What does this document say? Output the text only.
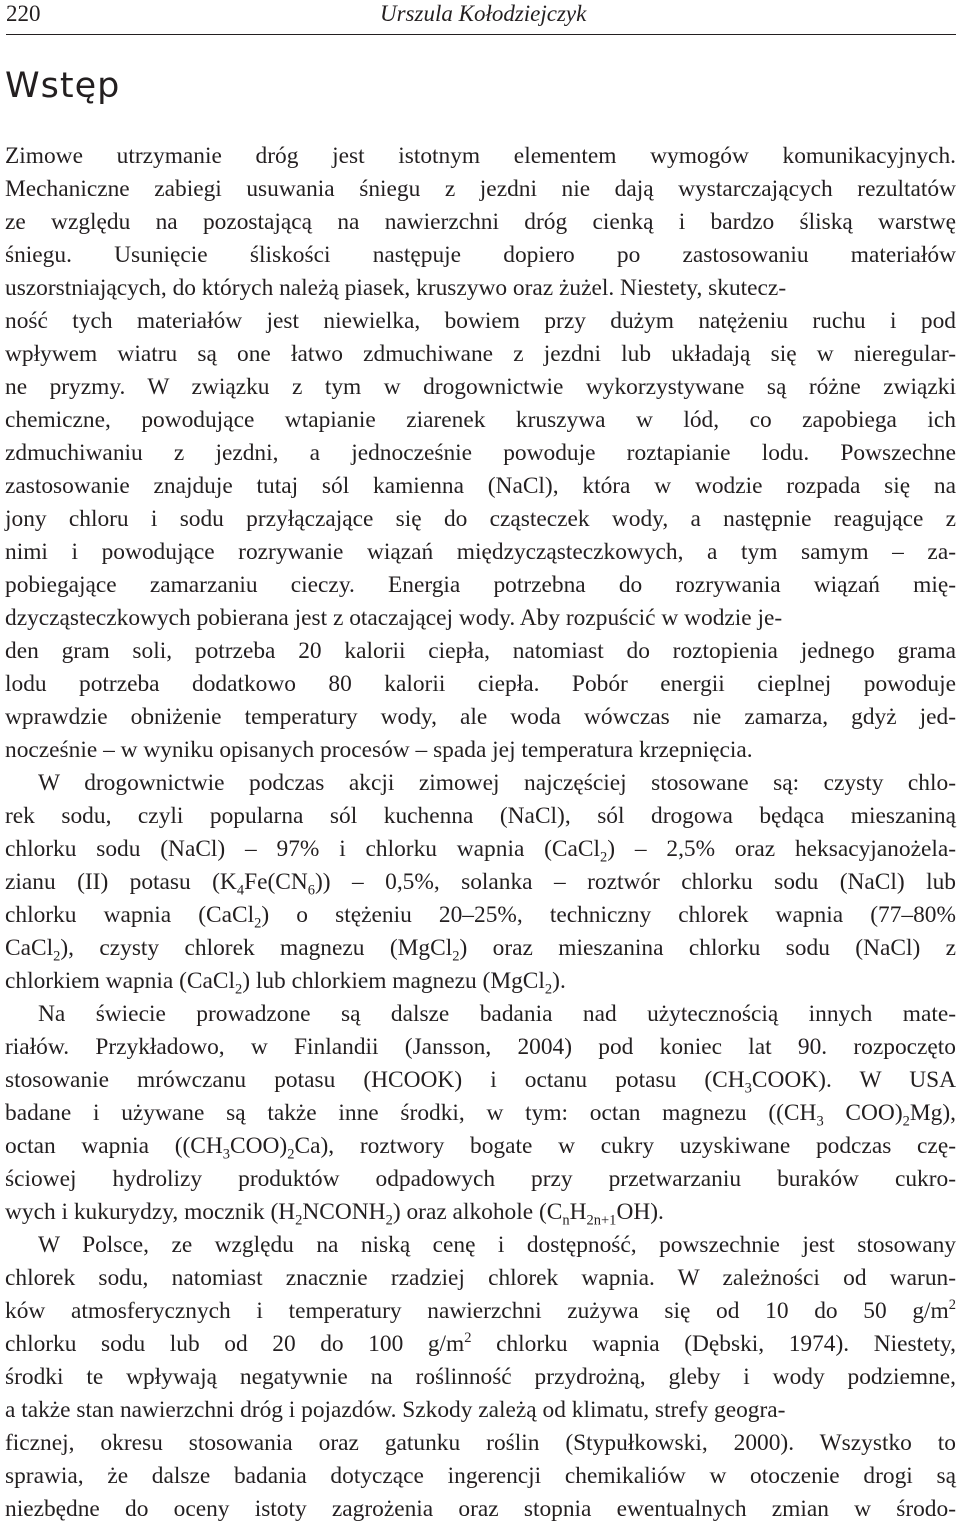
220	Urszula Kołodziejczyk
Wstęp
Zimowe utrzymanie dróg jest istotnym elementem wymogów komunikacyjnych.
Mechaniczne zabiegi usuwania śniegu z jezdni nie dają wystarczających rezultatów
ze względu na pozostającą na nawierzchni dróg cienką i bardzo śliską warstwę
śniegu. Usunięcie śliskości następuje dopiero po zastosowaniu materiałów
uszorstniających, do których należą piasek, kruszywo oraz żużel. Niestety, skutecz-
ność tych materiałów jest niewielka, bowiem przy dużym natężeniu ruchu i pod
wpływem wiatru są one łatwo zdmuchiwane z jezdni lub układają się w nieregular-
ne pryzmy. W związku z tym w drogownictwie wykorzystywane są różne związki
chemiczne, powodujące wtapianie ziarenek kruszywa w lód, co zapobiega ich
zdmuchiwaniu z jezdni, a jednocześnie powoduje roztapianie lodu. Powszechne
zastosowanie znajduje tutaj sól kamienna (NaCl), która w wodzie rozpada się na
jony chloru i sodu przyłączające się do cząsteczek wody, a następnie reagujące z
nimi i powodujące rozrywanie wiązań międzycząsteczkowych, a tym samym – za-
pobiegające zamarzaniu cieczy. Energia potrzebna do rozrywania wiązań mię-
dzycząsteczkowych pobierana jest z otaczającej wody. Aby rozpuścić w wodzie je-
den gram soli, potrzeba 20 kalorii ciepła, natomiast do roztopienia jednego grama
lodu potrzeba dodatkowo 80 kalorii ciepła. Pobór energii cieplnej powoduje
wprawdzie obniżenie temperatury wody, ale woda wówczas nie zamarza, gdyż jed-
nocześnie – w wyniku opisanych procesów – spada jej temperatura krzepnięcia.
W drogownictwie podczas akcji zimowej najczęściej stosowane są: czysty chlo-
rek sodu, czyli popularna sól kuchenna (NaCl), sól drogowa będąca mieszaniną
chlorku sodu (NaCl) – 97% i chlorku wapnia (CaCl$_2$) – 2,5% oraz heksacyjanożela-
zianu (II) potasu $(K_4Fe(CN_6)) - 0,5\%$, solanka – roztwór chlorku sodu (NaCl) lub
chlorku wapnia (CaCl$_2$) o stężeniu 20–25%, techniczny chlorek wapnia (77–80%
CaCl$_2$), czysty chlorek magnezu (MgCl$_2$) oraz mieszanina chlorku sodu (NaCl) z
chlorkiem wapnia (CaCl$_2$) lub chlorkiem magnezu (MgCl$_2$).
Na świecie prowadzone są dalsze badania nad użytecznością innych mate-
riałów. Przykładowo, w Finlandii (Jansson, 2004) pod koniec lat 90. rozpoczęto
stosowanie mrówczanu potasu (HCOOK) i octanu potasu $(CH_3COOK)$. W USA
badane i używane są także inne środki, w tym: octan magnezu (($CH_3$ $COO)_2Mg$),
octan wapnia $((CH_3COO)_2Ca)$, roztwory bogate w cukry uzyskiwane podczas czę-
ściowej hydrolizy produktów odpadowych przy przetwarzaniu buraków cukro-
wych i kukurydzy, mocznik $(H_2NCONH_2)$ oraz alkohole $(C_nH_{2n+1}OH)$.
W Polsce, ze względu na niską cenę i dostępność, powszechnie jest stosowany
chlorek sodu, natomiast znacznie rzadziej chlorek wapnia. W zależności od warun-
ków atmosferycznych i temperatury nawierzchni zużywa się od 10 do 50 $g/m^2$
chlorku sodu lub od 20 do 100 $g/m^2$ chlorku wapnia (Dębski, 1974). Niestety,
środki te wpływają negatywnie na roślinność przydrożną, gleby i wody podziemne,
a także stan nawierzchni dróg i pojazdów. Szkody zależą od klimatu, strefy geogra-
ficznej, okresu stosowania oraz gatunku roślin (Stypułkowski, 2000). Wszystko to
sprawia, że dalsze badania dotyczące ingerencji chemikaliów w otoczenie drogi są
niezbędne do oceny istoty zagrożenia oraz stopnia ewentualnych zmian w środo-
